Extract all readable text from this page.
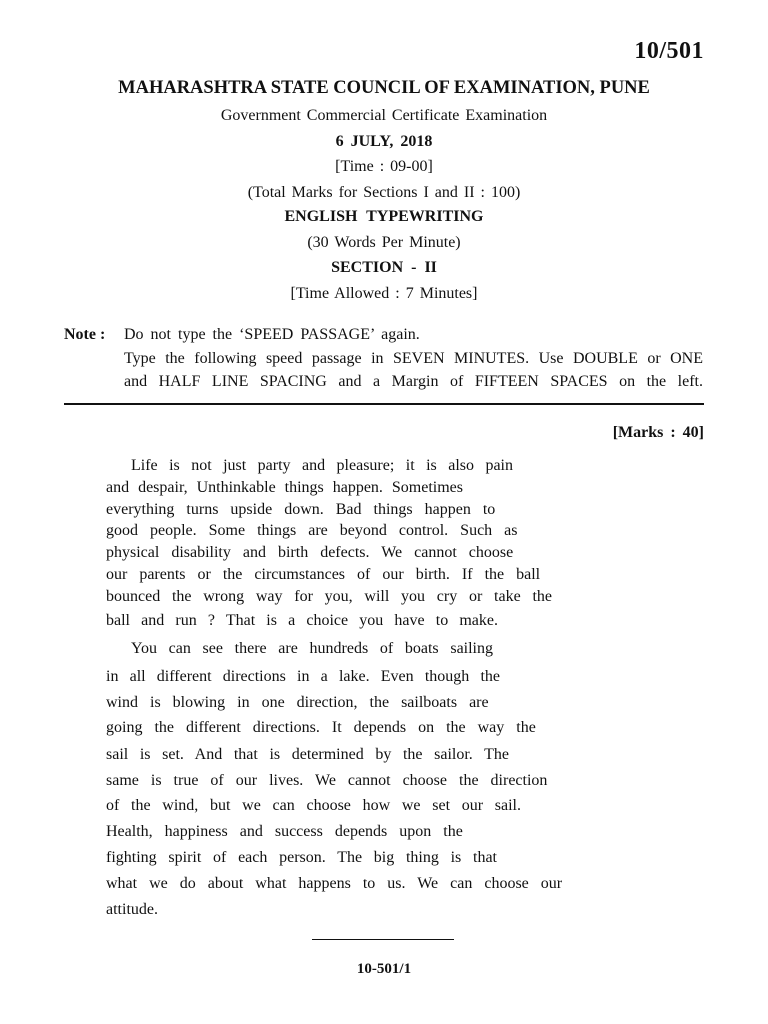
10/501
MAHARASHTRA STATE COUNCIL OF EXAMINATION, PUNE
Government Commercial Certificate Examination
6 JULY, 2018
[Time : 09-00]
(Total Marks for Sections I and II : 100)
ENGLISH TYPEWRITING
(30 Words Per Minute)
SECTION - II
[Time Allowed : 7 Minutes]
Note : Do not type the ‘SPEED PASSAGE’ again.
Type the following speed passage in SEVEN MINUTES. Use DOUBLE or ONE
and HALF LINE SPACING and a Margin of FIFTEEN SPACES on the left.
[Marks : 40]
Life is not just party and pleasure; it is also pain
and despair, Unthinkable things happen. Sometimes
everything turns upside down. Bad things happen to
good people. Some things are beyond control. Such as
physical disability and birth defects. We cannot choose
our parents or the circumstances of our birth. If the ball
bounced the wrong way for you, will you cry or take the
ball and run ? That is a choice you have to make.
You can see there are hundreds of boats sailing
in all different directions in a lake. Even though the
wind is blowing in one direction, the sailboats are
going the different directions. It depends on the way the
sail is set. And that is determined by the sailor. The
same is true of our lives. We cannot choose the direction
of the wind, but we can choose how we set our sail.
Health, happiness and success depends upon the
fighting spirit of each person. The big thing is that
what we do about what happens to us. We can choose our
attitude.
10-501/1
